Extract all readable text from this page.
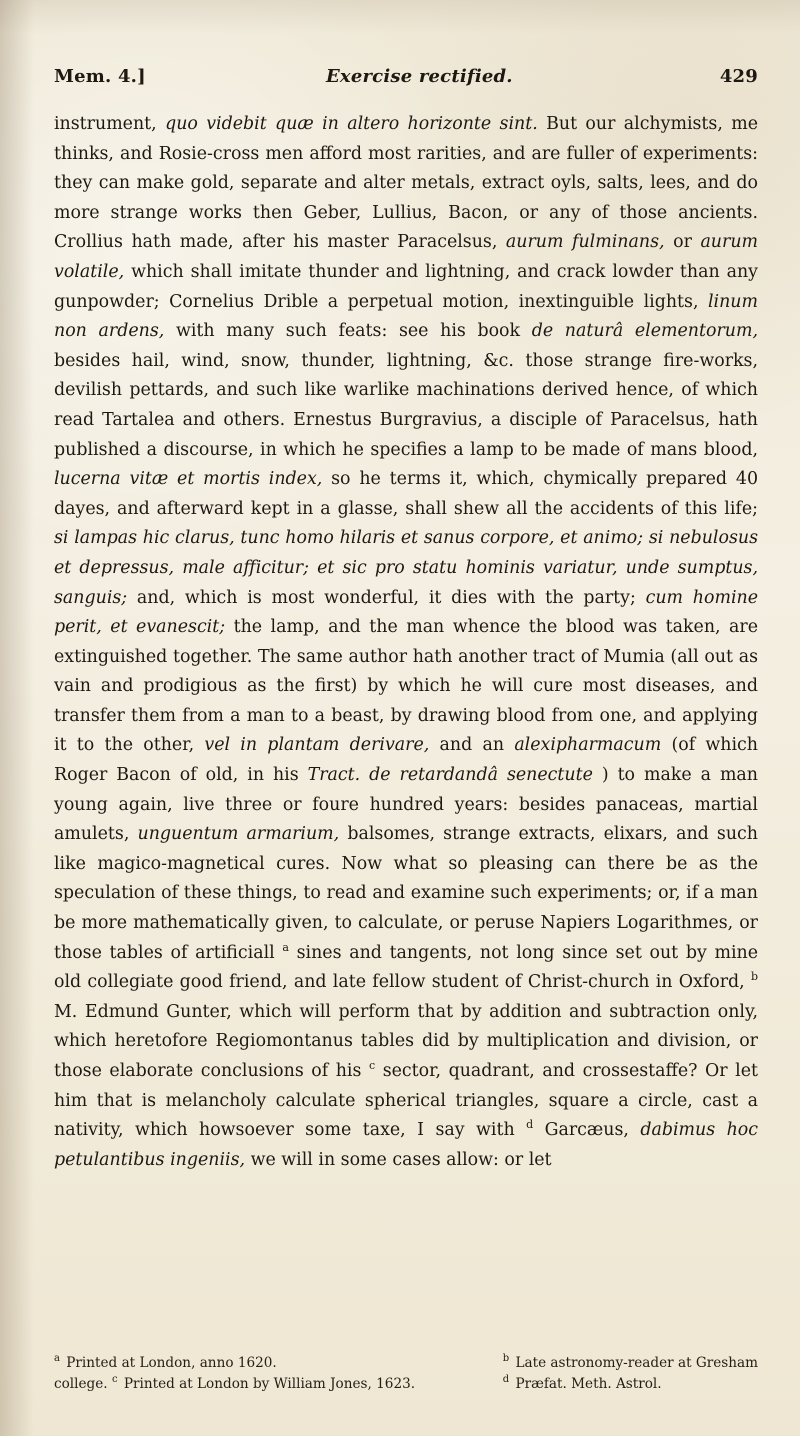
Mem. 4.]	Exercise rectified.	429

instrument, quo videbit quæ in altero horizonte sint. But our alchymists, me thinks, and Rosie-cross men afford most rarities, and are fuller of experiments: they can make gold, separate and alter metals, extract oyls, salts, lees, and do more strange works then Geber, Lullius, Bacon, or any of those ancients. Crollius hath made, after his master Paracelsus, aurum fulminans, or aurum volatile, which shall imitate thunder and lightning, and crack lowder than any gunpowder; Cornelius Drible a perpetual motion, inextinguible lights, linum non ardens, with many such feats: see his book de naturâ elementorum, besides hail, wind, snow, thunder, lightning, &c. those strange fire-works, devilish pettards, and such like warlike machinations derived hence, of which read Tartalea and others. Ernestus Burgravius, a disciple of Paracelsus, hath published a discourse, in which he specifies a lamp to be made of mans blood, lucerna vitæ et mortis index, so he terms it, which, chymically prepared 40 dayes, and afterward kept in a glasse, shall shew all the accidents of this life; si lampas hic clarus, tunc homo hilaris et sanus corpore, et animo; si nebulosus et depressus, male afficitur; et sic pro statu hominis variatur, unde sumptus, sanguis; and, which is most wonderful, it dies with the party; cum homine perit, et evanescit; the lamp, and the man whence the blood was taken, are extinguished together. The same author hath another tract of Mumia (all out as vain and prodigious as the first) by which he will cure most diseases, and transfer them from a man to a beast, by drawing blood from one, and applying it to the other, vel in plantam derivare, and an alexipharmacum (of which Roger Bacon of old, in his Tract. de retardandâ senectute ) to make a man young again, live three or foure hundred years: besides panaceas, martial amulets, unguentum armarium, balsomes, strange extracts, elixars, and such like magico-magnetical cures. Now what so pleasing can there be as the speculation of these things, to read and examine such experiments; or, if a man be more mathematically given, to calculate, or peruse Napiers Logarithmes, or those tables of artificiall $^a$ sines and tangents, not long since set out by mine old collegiate good friend, and late fellow student of Christ-church in Oxford, $^b$ M. Edmund Gunter, which will perform that by addition and subtraction only, which heretofore Regiomontanus tables did by multiplication and division, or those elaborate conclusions of his $^c$ sector, quadrant, and crossestaffe? Or let him that is melancholy calculate spherical triangles, square a circle, cast a nativity, which howsoever some taxe, I say with $^d$ Garcæus, dabimus hoc petulantibus ingeniis, we will in some cases allow: or let

$^a$ Printed at London, anno 1620.	$^b$ Late astronomy-reader at Gresham
college. $^c$ Printed at London by William Jones, 1623.	$^d$ Præfat. Meth. Astrol.
